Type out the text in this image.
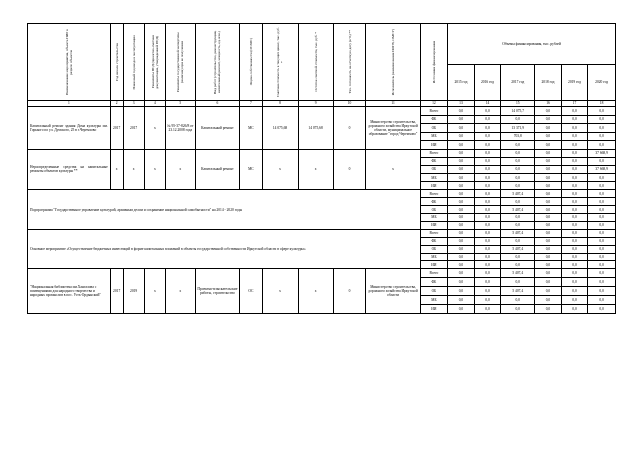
Наименование мероприятия, объекта ПИР в разрезе объектов	Год начала строительства	Плановый год ввода в эксплуатацию	Реквизиты ПСД (проектно-сметная документация, утвержденной ПСД)	Реквизиты государственной экспертизы (наличие) при ее получении	Вид работ (строительство, реконструкция, капитальный ремонт, мощность, ед. изм.)	Форма собственности (ОС/МС)	Сметная стоимость в текущих ценах, тыс. руб. *	Остаток сметной стоимости, тыс. руб. *	Тех. готовность на отчетную дату (в %) **	Исполнитель (наименование ИОГВ, ОМСУ)	Источники финансирования	Объемы финансирования, тыс. рублей					
												2015 год	2016 год	2017 год	2018 год	2019 год	2020 год
1	2	3	4	5	6	7	8	9	10	11	12	13	14	15	16	17	18
Капитальный ремонт здания Дома культуры им. Горького по ул. Думского, 25 в г.Черемхово	2017	2017	x	№ 95-37-826/8 от 23.12.2008 года	Капитальный ремонт	МС	14 075,68	14 075,68	0	Министерство строительства, дорожного хозяйства Иркутской области, муниципальное образование "город Черемхово"	Всего	0,0	0,0	14 075,7	0,0	0,0	0,0
											ФБ	0,0	0,0	0,0	0,0	0,0	0,0
											ОБ	0,0	0,0	13 371,9	0,0	0,0	0,0
											МБ	0,0	0,0	703,8	0,0	0,0	0,0
											ИИ	0,0	0,0	0,0	0,0	0,0	0,0
Нераспределенные средства на капитальные ремонты объектов культуры **	x	x	x	x	Капитальный ремонт	МС	x	x	0	x	Всего	0,0	0,0	0,0	0,0	0,0	37 668,9
											ФБ	0,0	0,0	0,0	0,0	0,0	0,0
											ОБ	0,0	0,0	0,0	0,0	0,0	37 668,9
											МБ	0,0	0,0	0,0	0,0	0,0	0,0
											ИИ	0,0	0,0	0,0	0,0	0,0	0,0
Подпрограмма "Государственное управление культурой, архивным делом и сохранение национальной самобытности" на 2014 - 2020 годы											Всего	0,0	0,0	5 407,4	0,0	0,0	0,0
											ФБ	0,0	0,0	0,0	0,0	0,0	0,0
											ОБ	0,0	0,0	5 407,4	0,0	0,0	0,0
											МБ	0,0	0,0	0,0	0,0	0,0	0,0
											ИИ	0,0	0,0	0,0	0,0	0,0	0,0
Основное мероприятие «Осуществление бюджетных инвестиций в форме капитальных вложений в объекты государственной собственности Иркутской области в сфере культуры»											Всего	0,0	0,0	5 407,4	0,0	0,0	0,0
											ФБ	0,0	0,0	0,0	0,0	0,0	0,0
											ОБ	0,0	0,0	5 407,4	0,0	0,0	0,0
											МБ	0,0	0,0	0,0	0,0	0,0	0,0
											ИИ	0,0	0,0	0,0	0,0	0,0	0,0
"Национальная библиотека им.Хангалова с помещениями для народного творчества и народных промыслов в пос. Усть-Ордынский"	2017	2019	x	x	Проектно-изыскательские работы, строительство	ОС	x	x	0	Министерство строительства, дорожного хозяйства Иркутской области	Всего	0,0	0,0	5 407,4	0,0	0,0	0,0
											ФБ	0,0	0,0	0,0	0,0	0,0	0,0
											ОБ	0,0	0,0	5 407,4	0,0	0,0	0,0
											МБ	0,0	0,0	0,0	0,0	0,0	0,0
											ИИ	0,0	0,0	0,0	0,0	0,0	0,0
